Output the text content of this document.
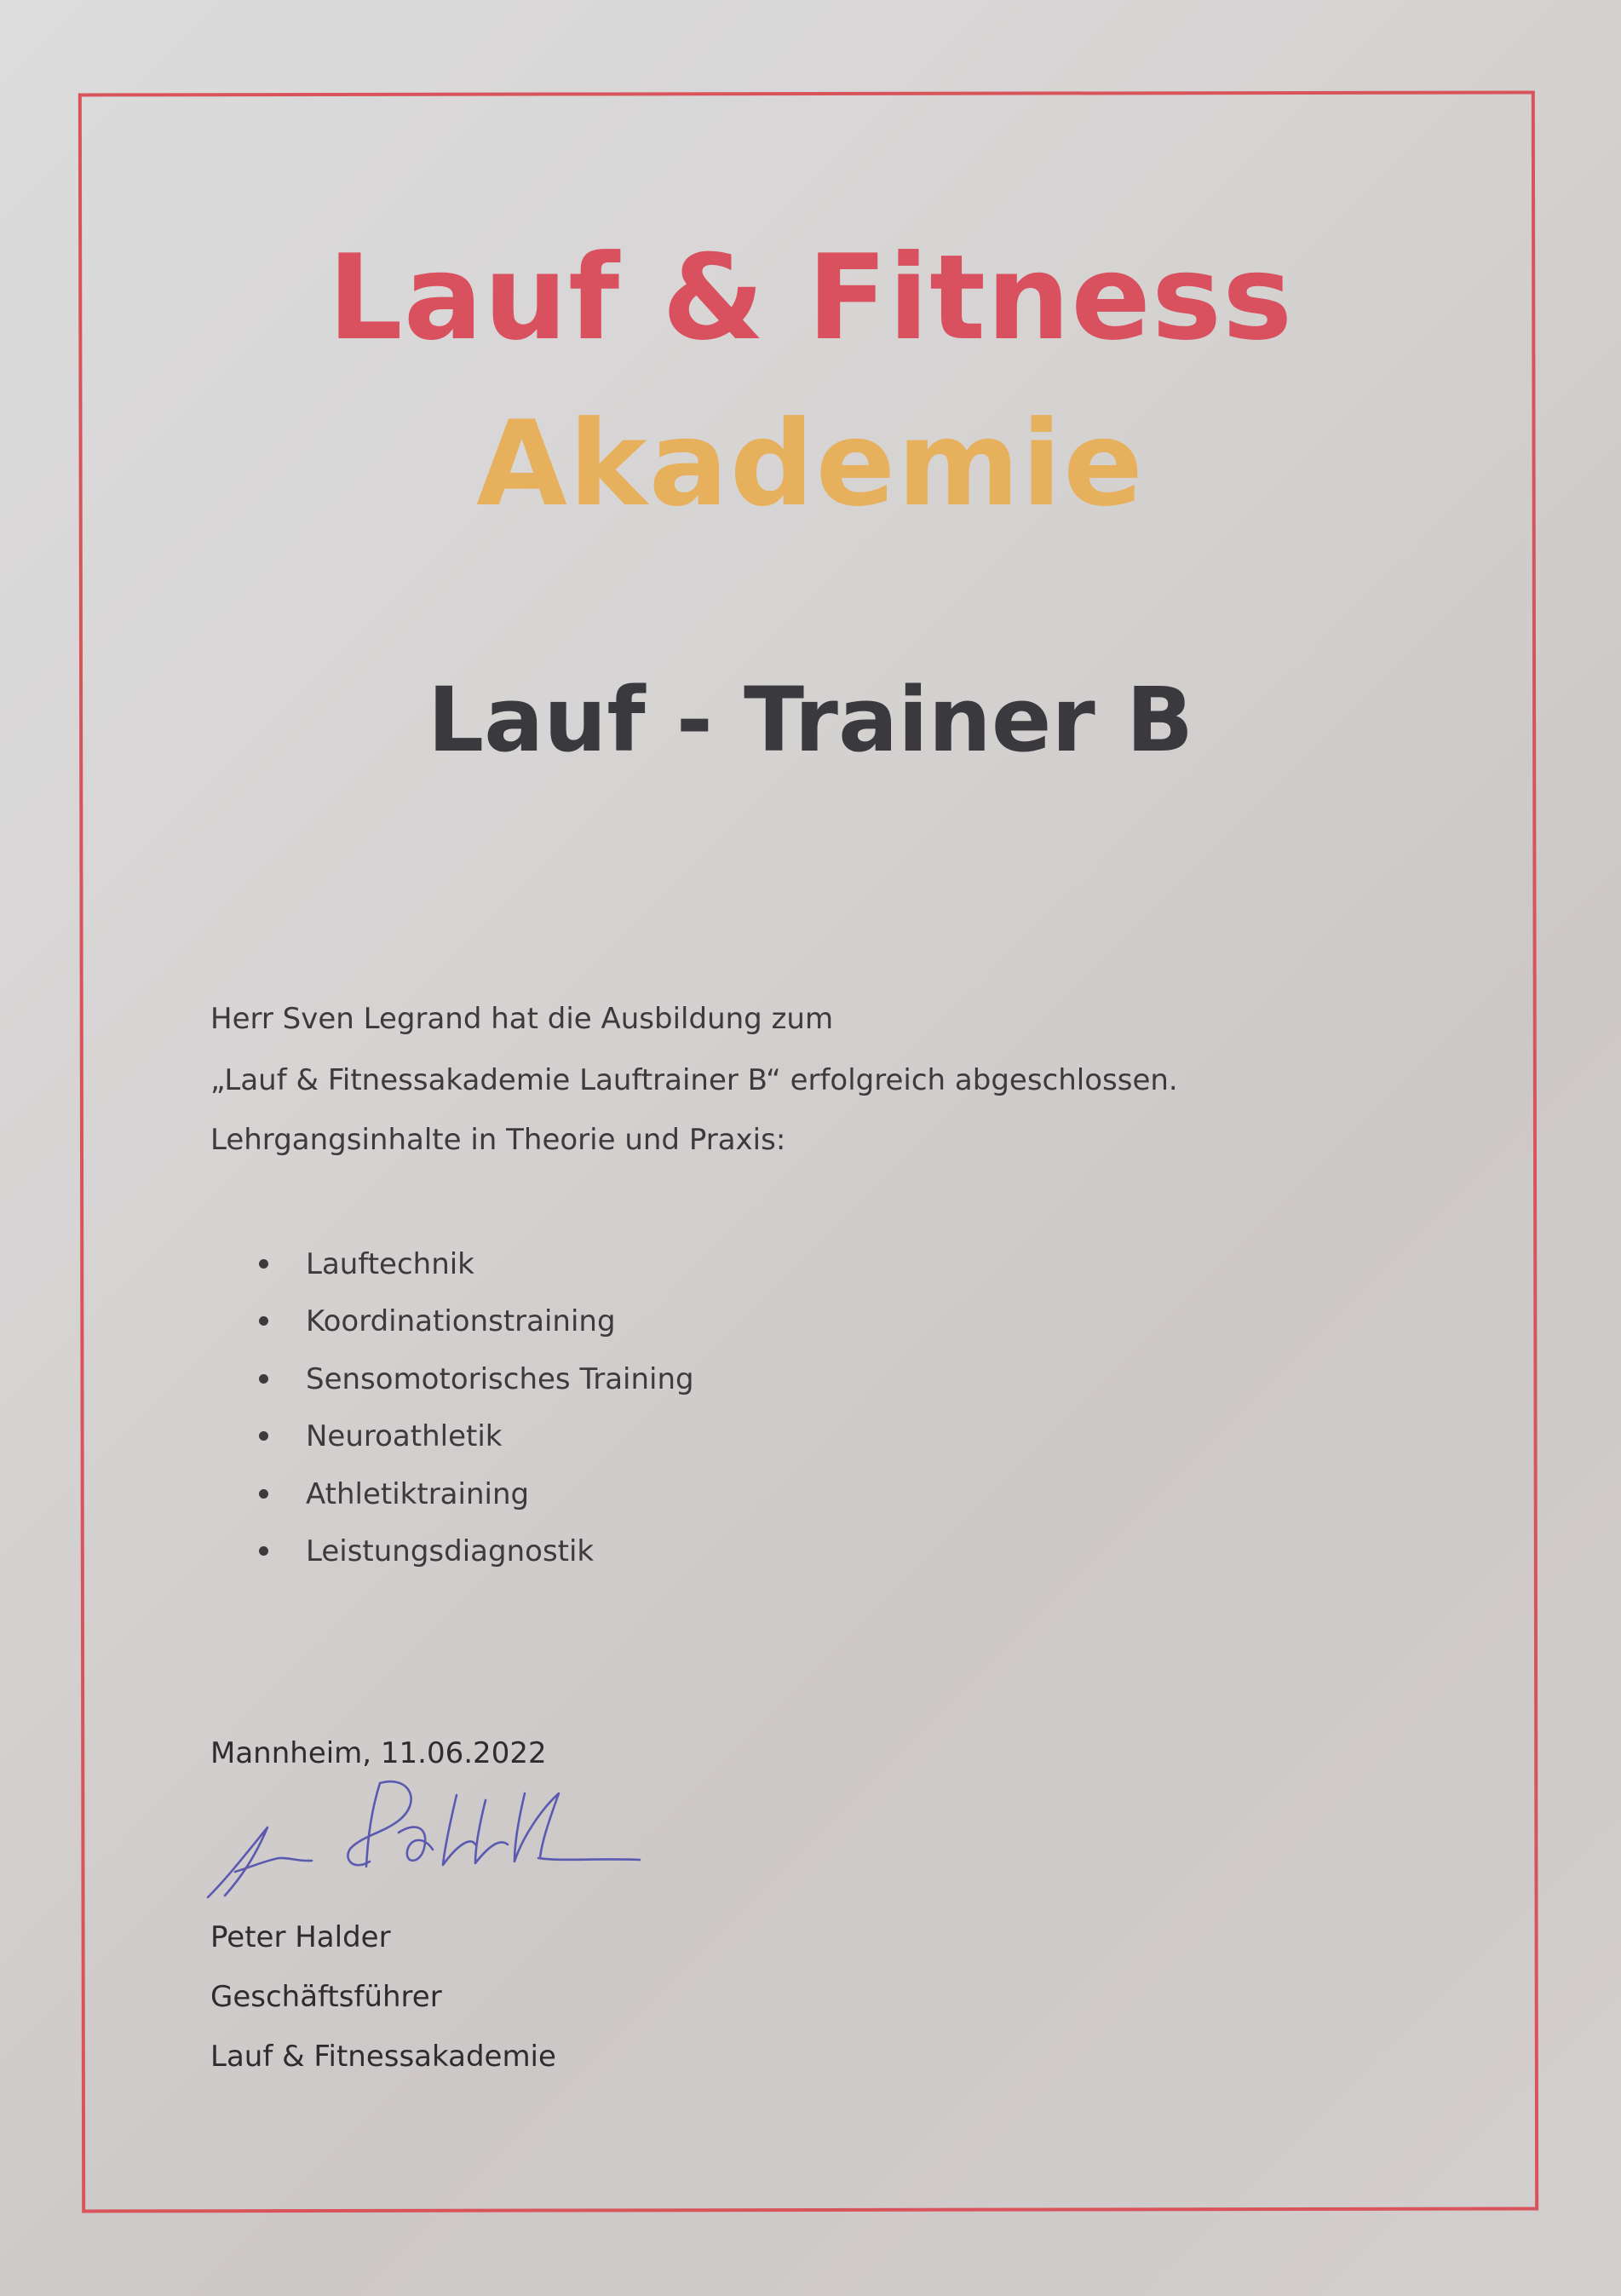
Lauf & Fitness
Akademie
Lauf - Trainer B
Herr Sven Legrand hat die Ausbildung zum
„Lauf & Fitnessakademie Lauftrainer B“ erfolgreich abgeschlossen.
Lehrgangsinhalte in Theorie und Praxis:
Lauftechnik
Koordinationstraining
Sensomotorisches Training
Neuroathletik
Athletiktraining
Leistungsdiagnostik
Mannheim, 11.06.2022
Peter Halder
Geschäftsführer
Lauf & Fitnessakademie
